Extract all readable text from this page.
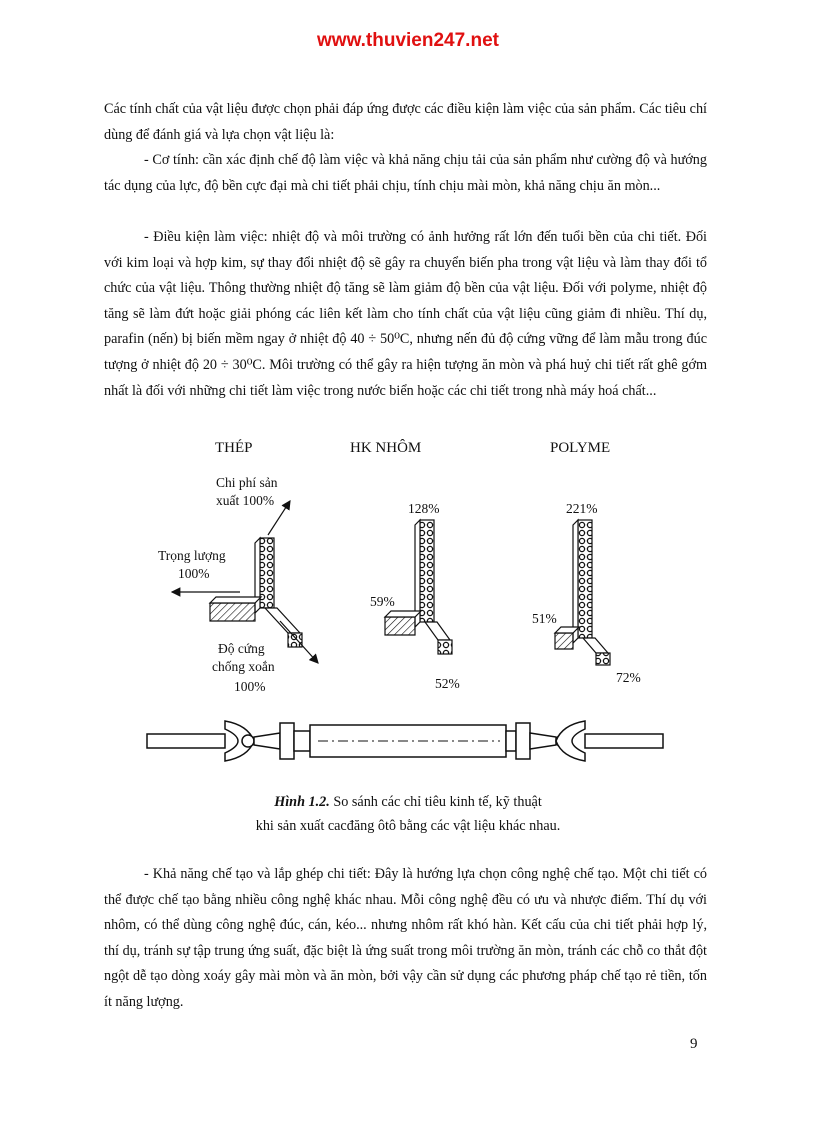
www.thuvien247.net

Các tính chất của vật liệu được chọn phải đáp ứng được các điều kiện làm việc của sản phẩm. Các tiêu chí dùng để đánh giá và lựa chọn vật liệu là:

- Cơ tính: cần xác định chế độ làm việc và khả năng chịu tải của sản phẩm như cường độ và hướng tác dụng của lực, độ bền cực đại mà chi tiết phải chịu, tính chịu mài mòn, khả năng chịu ăn mòn...

- Điều kiện làm việc: nhiệt độ và môi trường có ảnh hưởng rất lớn đến tuổi bền của chi tiết. Đối với kim loại và hợp kim, sự thay đổi nhiệt độ sẽ gây ra chuyển biến pha trong vật liệu và làm thay đổi tổ chức của vật liệu. Thông thường nhiệt độ tăng sẽ làm giảm độ bền của vật liệu. Đối với polyme, nhiệt độ tăng sẽ làm đứt hoặc giải phóng các liên kết làm cho tính chất của vật liệu cũng giảm đi nhiều. Thí dụ, parafin (nến) bị biến mềm ngay ở nhiệt độ 40 ÷ 50⁰C, nhưng nến đủ độ cứng vững để làm mẫu trong đúc tượng ở nhiệt độ 20 ÷ 30⁰C. Môi trường có thể gây ra hiện tượng ăn mòn và phá huỷ chi tiết rất ghê gớm nhất là đối với những chi tiết làm việc trong nước biển hoặc các chi tiết trong nhà máy hoá chất...

THÉP	HK NHÔM	POLYME
Chi phí sản
xuất 100%
Trọng lượng
100%
Độ cứng
chống xoắn
100%
128%
59%
52%
221%
51%
72%
Hình 1.2. So sánh các chỉ tiêu kinh tế, kỹ thuật
khi sản xuất cacđăng ôtô bằng các vật liệu khác nhau.

- Khả năng chế tạo và lắp ghép chi tiết: Đây là hướng lựa chọn công nghệ chế tạo. Một chi tiết có thể được chế tạo bằng nhiều công nghệ khác nhau. Mỗi công nghệ đều có ưu và nhược điểm. Thí dụ với nhôm, có thể dùng công nghệ đúc, cán, kéo... nhưng nhôm rất khó hàn. Kết cấu của chi tiết phải hợp lý, thí dụ, tránh sự tập trung ứng suất, đặc biệt là ứng suất trong môi trường ăn mòn, tránh các chỗ co thắt đột ngột dễ tạo dòng xoáy gây mài mòn và ăn mòn, bởi vậy cần sử dụng các phương pháp chế tạo rẻ tiền, tốn ít năng lượng.

9
